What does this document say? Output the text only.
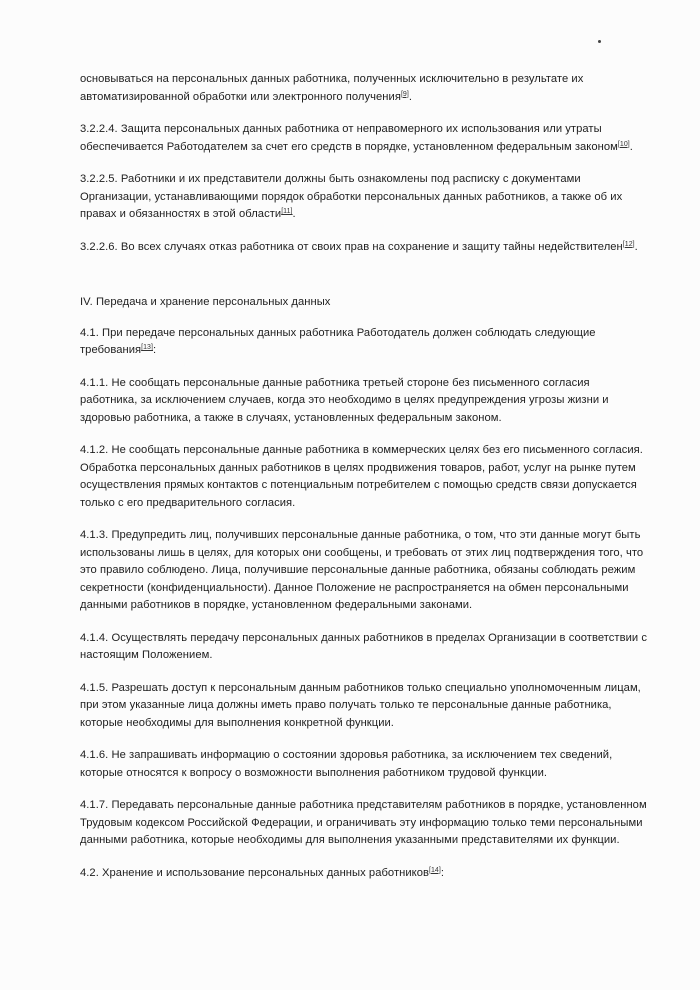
основываться на персональных данных работника, полученных исключительно в результате их автоматизированной обработки или электронного получения[9].

3.2.2.4. Защита персональных данных работника от неправомерного их использования или утраты обеспечивается Работодателем за счет его средств в порядке, установленном федеральным законом[10].

3.2.2.5. Работники и их представители должны быть ознакомлены под расписку с документами Организации, устанавливающими порядок обработки персональных данных работников, а также об их правах и обязанностях в этой области[11].

3.2.2.6. Во всех случаях отказ работника от своих прав на сохранение и защиту тайны недействителен[12].

IV. Передача и хранение персональных данных

4.1. При передаче персональных данных работника Работодатель должен соблюдать следующие требования[13]:

4.1.1. Не сообщать персональные данные работника третьей стороне без письменного согласия работника, за исключением случаев, когда это необходимо в целях предупреждения угрозы жизни и здоровью работника, а также в случаях, установленных федеральным законом.

4.1.2. Не сообщать персональные данные работника в коммерческих целях без его письменного согласия. Обработка персональных данных работников в целях продвижения товаров, работ, услуг на рынке путем осуществления прямых контактов с потенциальным потребителем с помощью средств связи допускается только с его предварительного согласия.

4.1.3. Предупредить лиц, получивших персональные данные работника, о том, что эти данные могут быть использованы лишь в целях, для которых они сообщены, и требовать от этих лиц подтверждения того, что это правило соблюдено. Лица, получившие персональные данные работника, обязаны соблюдать режим секретности (конфиденциальности). Данное Положение не распространяется на обмен персональными данными работников в порядке, установленном федеральными законами.

4.1.4. Осуществлять передачу персональных данных работников в пределах Организации в соответствии с настоящим Положением.

4.1.5. Разрешать доступ к персональным данным работников только специально уполномоченным лицам, при этом указанные лица должны иметь право получать только те персональные данные работника, которые необходимы для выполнения конкретной функции.

4.1.6. Не запрашивать информацию о состоянии здоровья работника, за исключением тех сведений, которые относятся к вопросу о возможности выполнения работником трудовой функции.

4.1.7. Передавать персональные данные работника представителям работников в порядке, установленном Трудовым кодексом Российской Федерации, и ограничивать эту информацию только теми персональными данными работника, которые необходимы для выполнения указанными представителями их функции.

4.2. Хранение и использование персональных данных работников[14]:
